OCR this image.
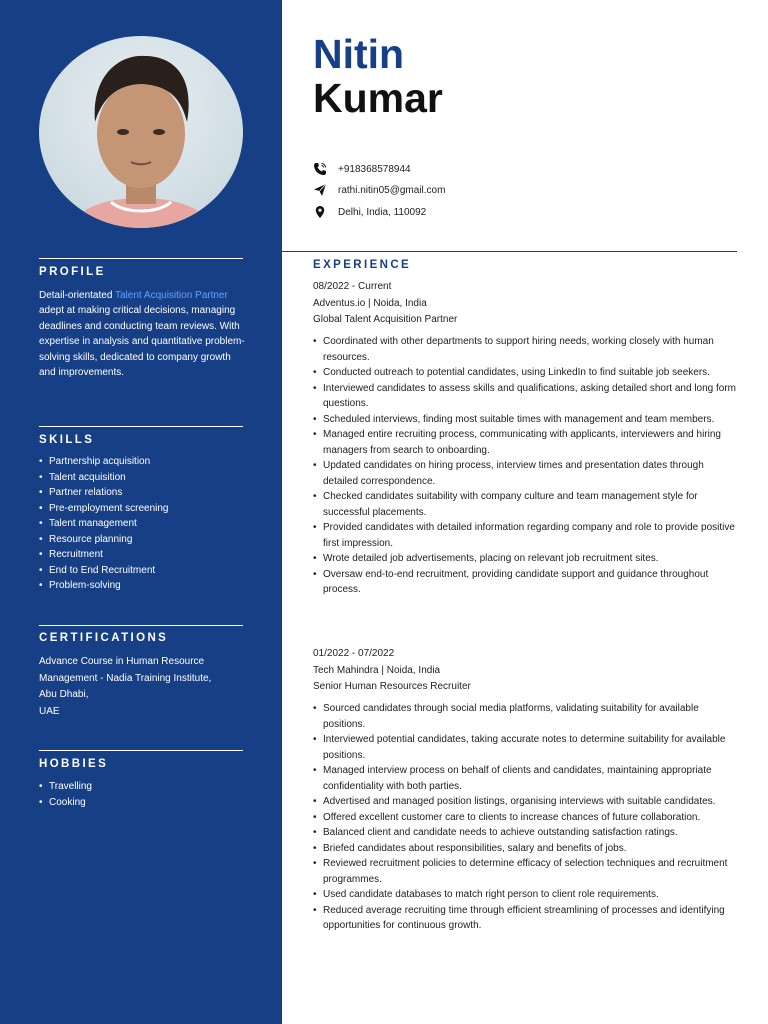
PROFILE
Detail-orientated Talent Acquisition Partner adept at making critical decisions, managing deadlines and conducting team reviews. With expertise in analysis and quantitative problem-solving skills, dedicated to company growth and improvements.
SKILLS
• Partnership acquisition
• Talent acquisition
• Partner relations
• Pre-employment screening
• Talent management
• Resource planning
• Recruitment
• End to End Recruitment
• Problem-solving
CERTIFICATIONS
Advance Course in Human Resource
Management - Nadia Training Institute,
Abu Dhabi,
UAE
HOBBIES
• Travelling
• Cooking
Nitin
Kumar
+918368578944
rathi.nitin05@gmail.com
Delhi, India, 110092
EXPERIENCE
08/2022 - Current
Adventus.io | Noida, India
Global Talent Acquisition Partner
• Coordinated with other departments to support hiring needs, working closely with human resources.
• Conducted outreach to potential candidates, using LinkedIn to find suitable job seekers.
• Interviewed candidates to assess skills and qualifications, asking detailed short and long form questions.
• Scheduled interviews, finding most suitable times with management and team members.
• Managed entire recruiting process, communicating with applicants, interviewers and hiring managers from search to onboarding.
• Updated candidates on hiring process, interview times and presentation dates through detailed correspondence.
• Checked candidates suitability with company culture and team management style for successful placements.
• Provided candidates with detailed information regarding company and role to provide positive first impression.
• Wrote detailed job advertisements, placing on relevant job recruitment sites.
• Oversaw end-to-end recruitment, providing candidate support and guidance throughout process.
01/2022 - 07/2022
Tech Mahindra | Noida, India
Senior Human Resources Recruiter
• Sourced candidates through social media platforms, validating suitability for available positions.
• Interviewed potential candidates, taking accurate notes to determine suitability for available positions.
• Managed interview process on behalf of clients and candidates, maintaining appropriate confidentiality with both parties.
• Advertised and managed position listings, organising interviews with suitable candidates.
• Offered excellent customer care to clients to increase chances of future collaboration.
• Balanced client and candidate needs to achieve outstanding satisfaction ratings.
• Briefed candidates about responsibilities, salary and benefits of jobs.
• Reviewed recruitment policies to determine efficacy of selection techniques and recruitment programmes.
• Used candidate databases to match right person to client role requirements.
• Reduced average recruiting time through efficient streamlining of processes and identifying opportunities for continuous growth.
